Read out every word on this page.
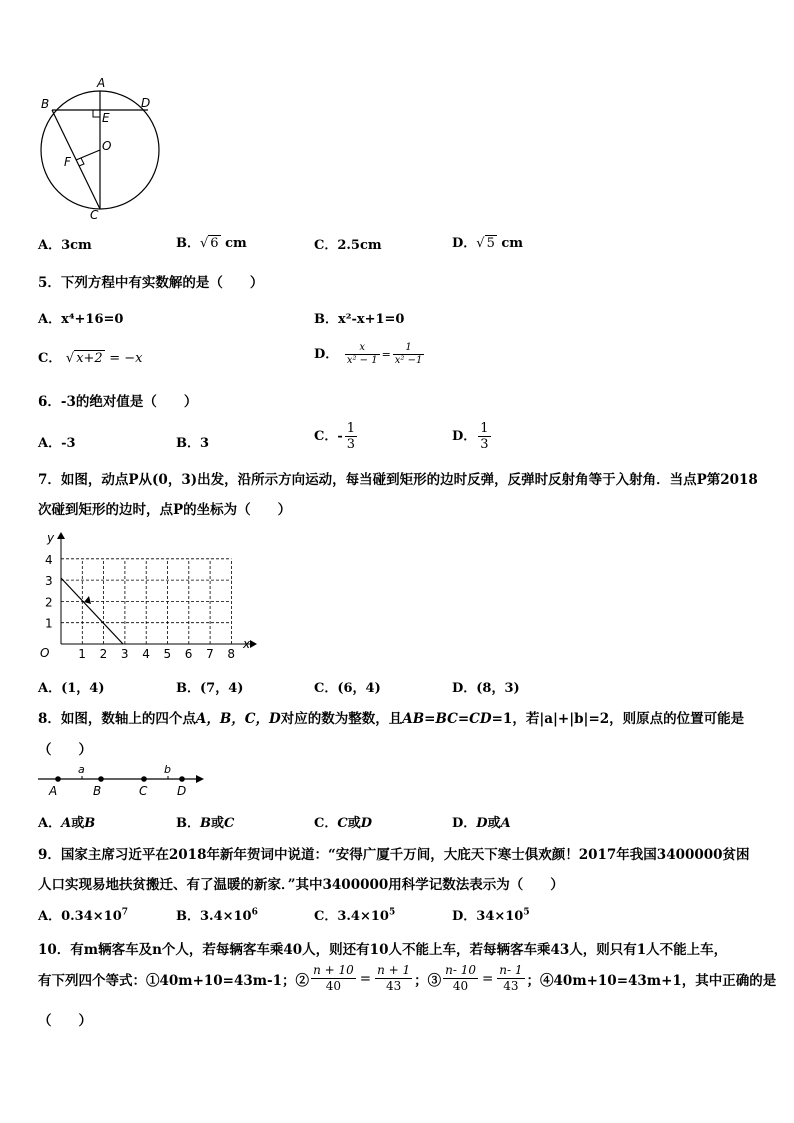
A
B	D
E
O
F
C
A．3cm	B．√ 6 cm	C．2.5cm	D．√ 5 cm
5．下列方程中有实数解的是（　　）
A．x⁴+16=0	B．x²-x+1=0
C． √ x+2 = −x	D． $\frac{x}{\text{x² − 1}} = \frac{1}{\text{x² −1}}$
6．-3的绝对值是（　　）
A．-3	B．3	C．- $\frac{1}{3}$	D． $\frac{1}{3}$
7．如图，动点P从(0，3)出发，沿所示方向运动，每当碰到矩形的边时反弹，反弹时反射角等于入射角．当点P第2018
次碰到矩形的边时，点P的坐标为（　　）
y
x
O 1 2 3 4 5 6 7 8
1
2
3
4
A．(1，4)	B．(7，4)	C．(6，4)	D．(8，3)
8．如图，数轴上的四个点A，B，C，D对应的数为整数，且AB=BC=CD=1，若|a|+|b|=2，则原点的位置可能是
（　　）
a	b
A	B	C D
A．A或B	B．B或C	C．C或D	D．D或A
9．国家主席习近平在2018年新年贺词中说道：“安得广厦千万间，大庇天下寒士俱欢颜！2017年我国3400000贫困
人口实现易地扶贫搬迁、有了温暖的新家．”其中3400000用科学记数法表示为（　　）
A．$0.34\times 10^7$	B．$3.4\times 10^6$	C．$3.4\times 10^5$	D．$34\times 10^5$
10．有m辆客车及n个人，若每辆客车乘40人，则还有10人不能上车，若每辆客车乘43人，则只有1人不能上车，
有下列四个等式：①40m+10=43m-1；② $\frac{n + 10}{40} = \frac{n + 1}{43}$ ；③ $\frac{n- 10}{40} = \frac{n- 1}{43}$ ；④40m+10=43m+1，其中正确的是
（　　）
